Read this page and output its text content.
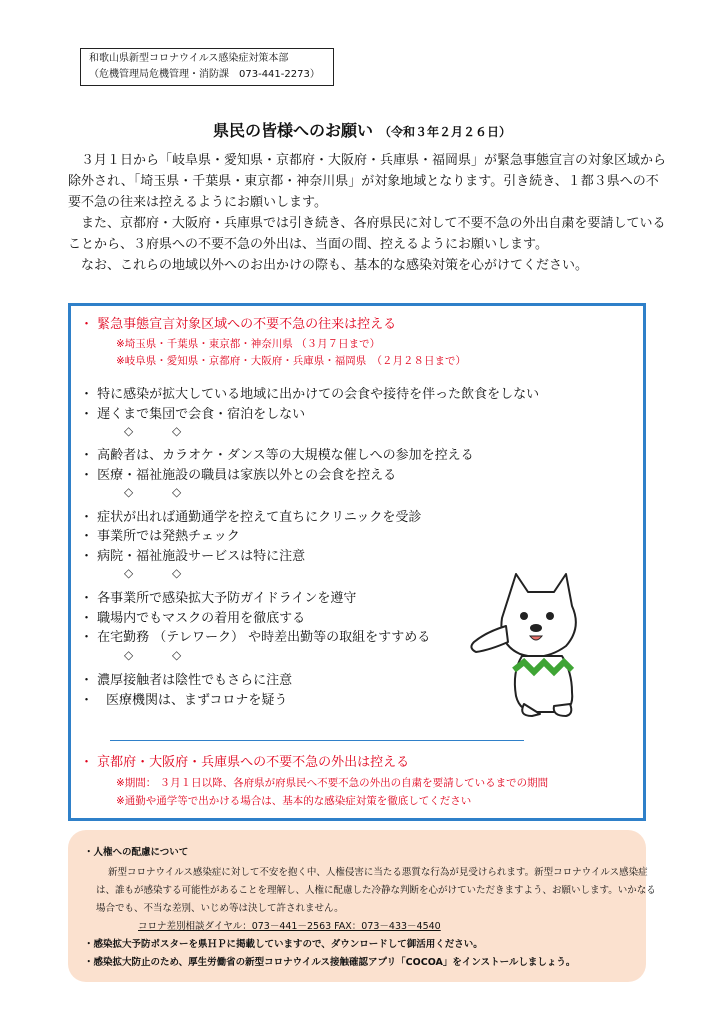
和歌山県新型コロナウイルス感染症対策本部
（危機管理局危機管理・消防課　073-441-2273）
県民の皆様へのお願い （令和３年２月２６日）

　３月１日から「岐阜県・愛知県・京都府・大阪府・兵庫県・福岡県」が緊急事態宣言の対象区域から除外され、「埼玉県・千葉県・東京都・神奈川県」が対象地域となります。引き続き、１都３県への不要不急の往来は控えるようにお願いします。

　また、京都府・大阪府・兵庫県では引き続き、各府県民に対して不要不急の外出自粛を要請していることから、３府県への不要不急の外出は、当面の間、控えるようにお願いします。

　なお、これらの地域以外へのお出かけの際も、基本的な感染対策を心がけてください。

・ 緊急事態宣言対象区域への不要不急の往来は控える
※埼玉県・千葉県・東京都・神奈川県 （３月７日まで）
※岐阜県・愛知県・京都府・大阪府・兵庫県・福岡県　（２月２８日まで）
・ 特に感染が拡大している地域に出かけての会食や接待を伴った飲食をしない
・ 遅くまで集団で会食・宿泊をしない
◇	◇
・ 高齢者は、カラオケ・ダンス等の大規模な催しへの参加を控える
・ 医療・福祉施設の職員は家族以外との会食を控える
◇	◇
・ 症状が出れば通勤通学を控えて直ちにクリニックを受診
・ 事業所では発熱チェック
・ 病院・福祉施設サービスは特に注意
◇	◇
・ 各事業所で感染拡大予防ガイドラインを遵守
・ 職場内でもマスクの着用を徹底する
・ 在宅勤務 （テレワーク） や時差出勤等の取組をすすめる
◇	◇
・ 濃厚接触者は陰性でもさらに注意
・　医療機関は、まずコロナを疑う
・ 京都府・大阪府・兵庫県への不要不急の外出は控える
※期間： ３月１日以降、各府県が府県民へ不要不急の外出の自粛を要請しているまでの期間
※通勤や通学等で出かける場合は、基本的な感染症対策を徹底してください
・人権への配慮について
新型コロナウイルス感染症に対して不安を抱く中、人権侵害に当たる悪質な行為が見受けられます。新型コロナウイルス感染症
は、誰もが感染する可能性があることを理解し、人権に配慮した冷静な判断を心がけていただきますよう、お願いします。いかなる
場合でも、不当な差別、いじめ等は決して許されません。
コロナ差別相談ダイヤル：073－441－2563 FAX：073－433－4540
・感染拡大予防ポスターを県ＨＰに掲載していますので、ダウンロードして御活用ください。
・感染拡大防止のため、厚生労働省の新型コロナウイルス接触確認アプリ「COCOA」をインストールしましょう。
